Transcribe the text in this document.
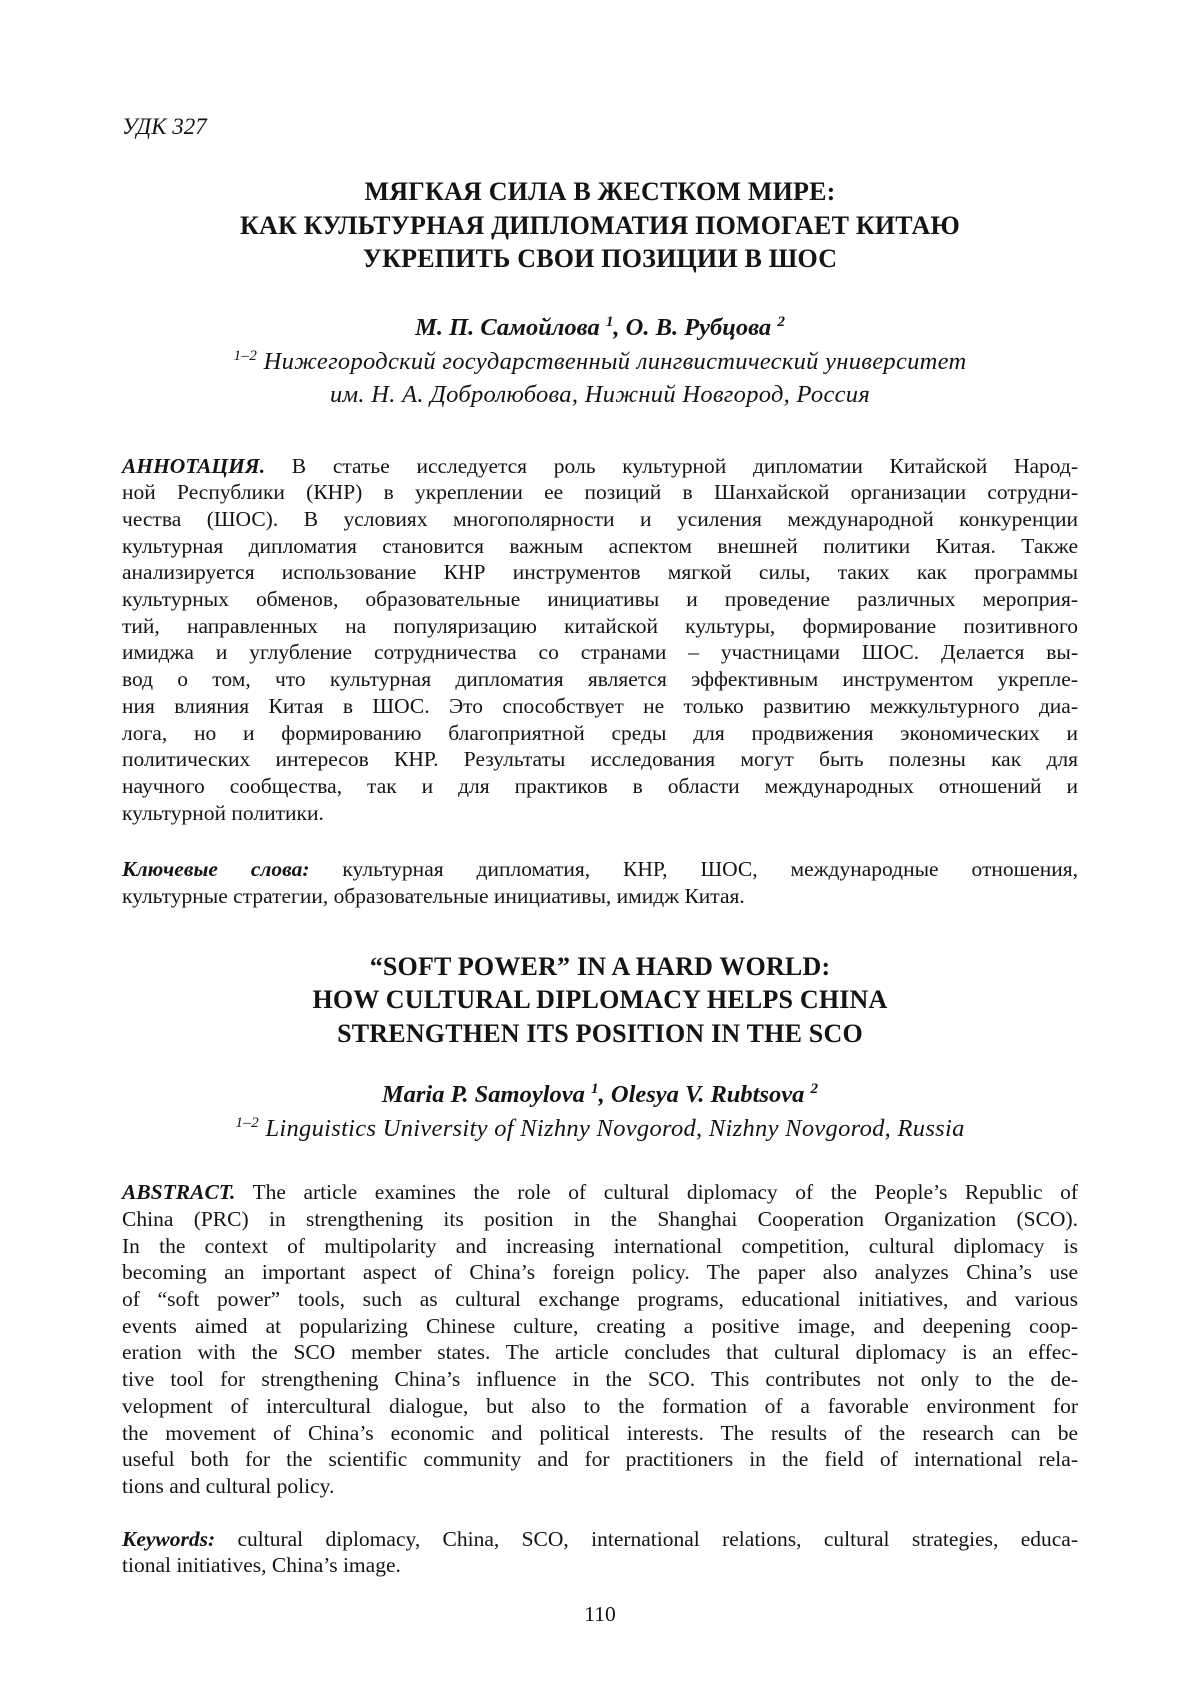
УДК 327
МЯГКАЯ СИЛА В ЖЕСТКОМ МИРЕ:
КАК КУЛЬТУРНАЯ ДИПЛОМАТИЯ ПОМОГАЕТ КИТАЮ
УКРЕПИТЬ СВОИ ПОЗИЦИИ В ШОС
М. П. Самойлова $^1$, О. В. Рубцова $^2$
$^{1-2}$ Нижегородский государственный лингвистический университет
им. Н. А. Добролюбова, Нижний Новгород, Россия
АННОТАЦИЯ. В статье исследуется роль культурной дипломатии Китайской Народ-
ной Республики (КНР) в укреплении ее позиций в Шанхайской организации сотрудни-
чества (ШОС). В условиях многополярности и усиления международной конкуренции
культурная дипломатия становится важным аспектом внешней политики Китая. Также
анализируется использование КНР инструментов мягкой силы, таких как программы
культурных обменов, образовательные инициативы и проведение различных мероприя-
тий, направленных на популяризацию китайской культуры, формирование позитивного
имиджа и углубление сотрудничества со странами – участницами ШОС. Делается вы-
вод о том, что культурная дипломатия является эффективным инструментом укрепле-
ния влияния Китая в ШОС. Это способствует не только развитию межкультурного диа-
лога, но и формированию благоприятной среды для продвижения экономических и
политических интересов КНР. Результаты исследования могут быть полезны как для
научного сообщества, так и для практиков в области международных отношений и
культурной политики.
Ключевые слова: культурная дипломатия, КНР, ШОС, международные отношения,
культурные стратегии, образовательные инициативы, имидж Китая.
“SOFT POWER” IN A HARD WORLD:
HOW CULTURAL DIPLOMACY HELPS CHINA
STRENGTHEN ITS POSITION IN THE SCO
Maria P. Samoylova $^1$, Olesya V. Rubtsova $^2$
$^{1-2}$ Linguistics University of Nizhny Novgorod, Nizhny Novgorod, Russia
ABSTRACT. The article examines the role of cultural diplomacy of the People’s Republic of
China (PRC) in strengthening its position in the Shanghai Cooperation Organization (SCO).
In the context of multipolarity and increasing international competition, cultural diplomacy is
becoming an important aspect of China’s foreign policy. The paper also analyzes China’s use
of “soft power” tools, such as cultural exchange programs, educational initiatives, and various
events aimed at popularizing Chinese culture, creating a positive image, and deepening coop-
eration with the SCO member states. The article concludes that cultural diplomacy is an effec-
tive tool for strengthening China’s influence in the SCO. This contributes not only to the de-
velopment of intercultural dialogue, but also to the formation of a favorable environment for
the movement of China’s economic and political interests. The results of the research can be
useful both for the scientific community and for practitioners in the field of international rela-
tions and cultural policy.
Keywords: cultural diplomacy, China, SCO, international relations, cultural strategies, educa-
tional initiatives, China’s image.
110
